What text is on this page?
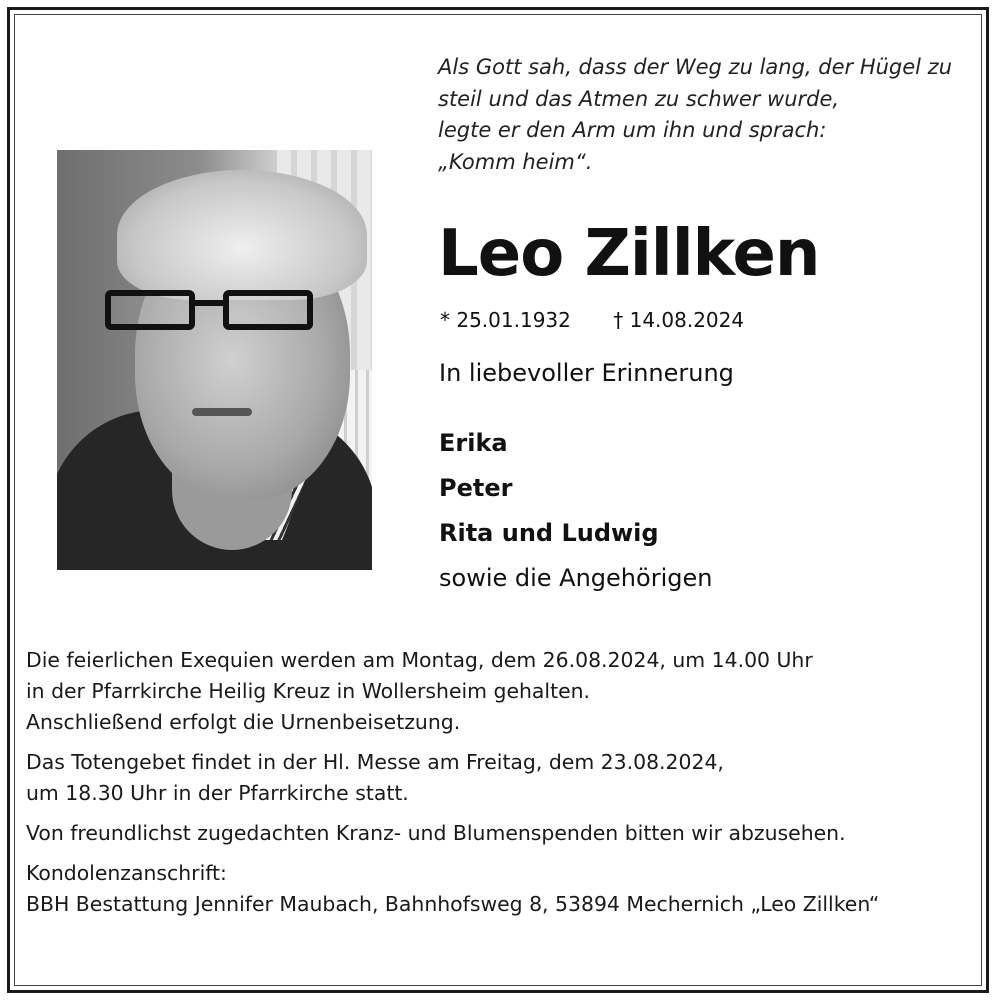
Als Gott sah, dass der Weg zu lang, der Hügel zu
steil und das Atmen zu schwer wurde,
legte er den Arm um ihn und sprach:
„Komm heim“.
Leo Zillken
* 25.01.1932 † 14.08.2024
In liebevoller Erinnerung
Erika
Peter
Rita und Ludwig
sowie die Angehörigen
Die feierlichen Exequien werden am Montag, dem 26.08.2024, um 14.00 Uhr
in der Pfarrkirche Heilig Kreuz in Wollersheim gehalten.
Anschließend erfolgt die Urnenbeisetzung.
Das Totengebet findet in der Hl. Messe am Freitag, dem 23.08.2024,
um 18.30 Uhr in der Pfarrkirche statt.
Von freundlichst zugedachten Kranz- und Blumenspenden bitten wir abzusehen.
Kondolenzanschrift:
BBH Bestattung Jennifer Maubach, Bahnhofsweg 8, 53894 Mechernich „Leo Zillken“
